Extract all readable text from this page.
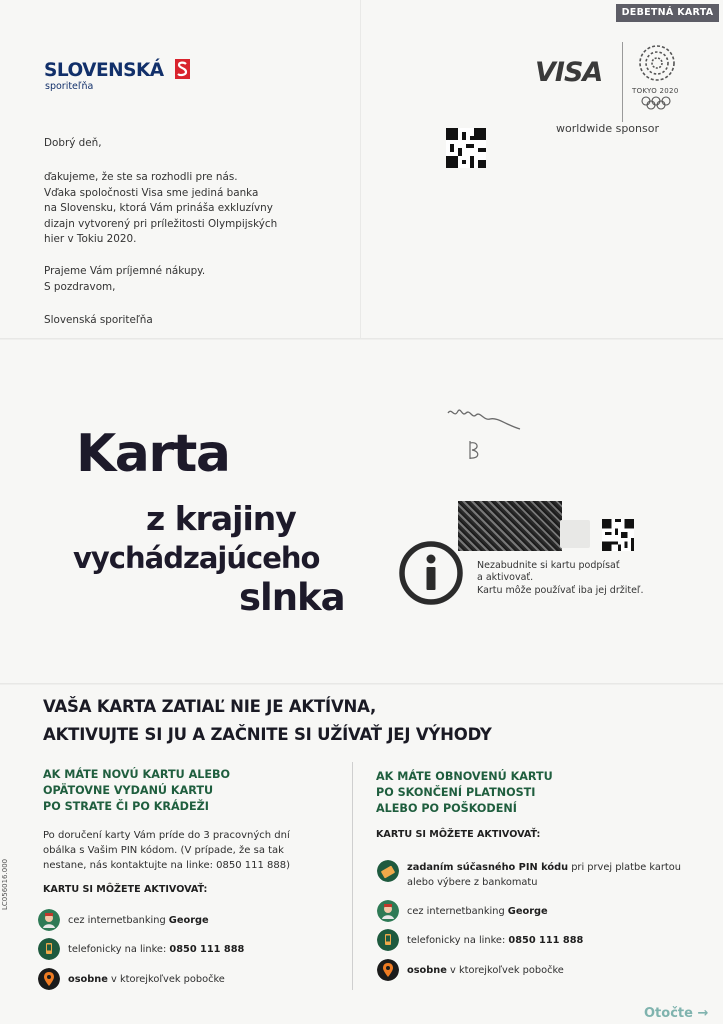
DEBETNÁ KARTA
SLOVENSKÁ
sporiteľňa	VISA
TOKYO 2020
worldwide sponsor
Dobrý deň,
ďakujeme, že ste sa rozhodli pre nás.
Vďaka spoločnosti Visa sme jediná banka
na Slovensku, ktorá Vám prináša exkluzívny
dizajn vytvorený pri príležitosti Olympijských
hier v Tokiu 2020.
Prajeme Vám príjemné nákupy.
S pozdravom,
Slovenská sporiteľňa
Karta
z krajiny
vychádzajúceho
slnka
Nezabudnite si kartu podpísať
a aktivovať.
Kartu môže používať iba jej držiteľ.
VAŠA KARTA ZATIAĽ NIE JE AKTÍVNA,
AKTIVUJTE SI JU A ZAČNITE SI UŽÍVAŤ JEJ VÝHODY
AK MÁTE NOVÚ KARTU ALEBO
OPÄTOVNE VYDANÚ KARTU
PO STRATE ČI PO KRÁDEŽI
Po doručení karty Vám príde do 3 pracovných dní
obálka s Vašim PIN kódom. (V prípade, že sa tak
nestane, nás kontaktujte na linke: 0850 111 888)
KARTU SI MÔŽETE AKTIVOVAŤ:
cez internetbanking George
telefonicky na linke: 0850 111 888
osobne v ktorejkoľvek pobočke
AK MÁTE OBNOVENÚ KARTU
PO SKONČENÍ PLATNOSTI
ALEBO PO POŠKODENÍ
KARTU SI MÔŽETE AKTIVOVAŤ:
zadaním súčasného PIN kódu pri prvej platbe kartou
alebo výbere z bankomatu
cez internetbanking George
telefonicky na linke: 0850 111 888
osobne v ktorejkoľvek pobočke
LC056016.000
Otočte →
